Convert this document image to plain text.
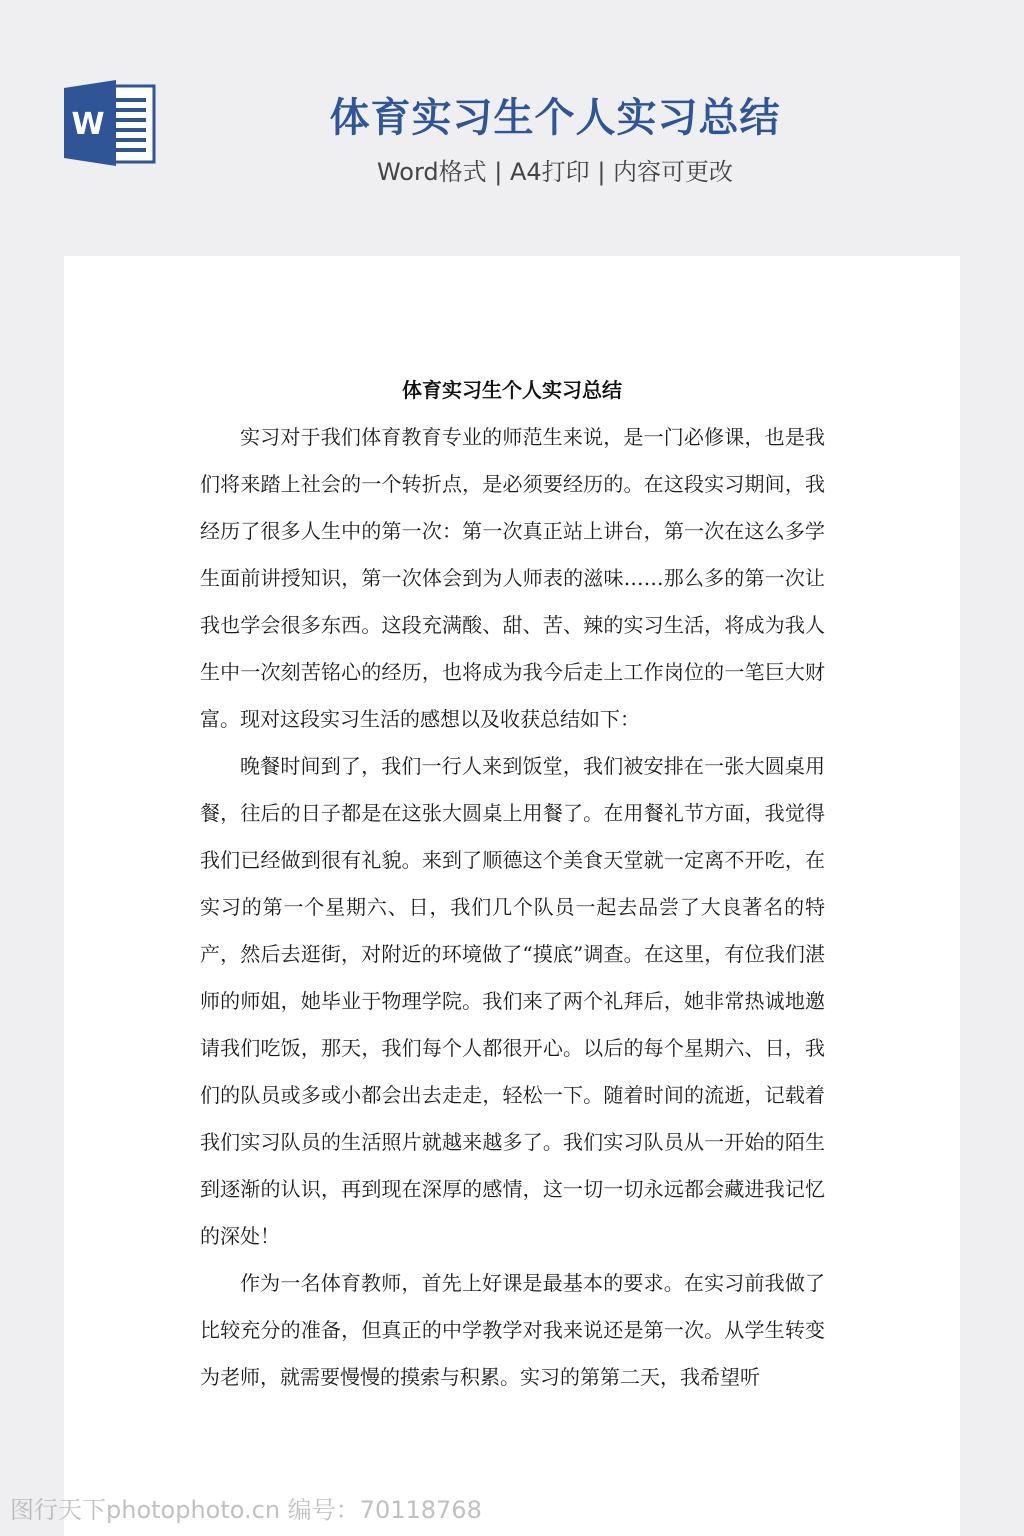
W	体育实习生个人实习总结
Word格式 | A4打印 | 内容可更改
体育实习生个人实习总结

实习对于我们体育教育专业的师范生来说，是一门必修课，也是我们将来踏上社会的一个转折点，是必须要经历的。在这段实习期间，我经历了很多人生中的第一次：第一次真正站上讲台，第一次在这么多学生面前讲授知识，第一次体会到为人师表的滋味……那么多的第一次让我也学会很多东西。这段充满酸、甜、苦、辣的实习生活，将成为我人生中一次刻苦铭心的经历，也将成为我今后走上工作岗位的一笔巨大财富。现对这段实习生活的感想以及收获总结如下：

晚餐时间到了，我们一行人来到饭堂，我们被安排在一张大圆桌用餐，往后的日子都是在这张大圆桌上用餐了。在用餐礼节方面，我觉得我们已经做到很有礼貌。来到了顺德这个美食天堂就一定离不开吃，在实习的第一个星期六、日，我们几个队员一起去品尝了大良著名的特产，然后去逛街，对附近的环境做了“摸底”调查。在这里，有位我们湛师的师姐，她毕业于物理学院。我们来了两个礼拜后，她非常热诚地邀请我们吃饭，那天，我们每个人都很开心。以后的每个星期六、日，我们的队员或多或小都会出去走走，轻松一下。随着时间的流逝，记载着我们实习队员的生活照片就越来越多了。我们实习队员从一开始的陌生到逐渐的认识，再到现在深厚的感情，这一切一切永远都会藏进我记忆的深处！

作为一名体育教师，首先上好课是最基本的要求。在实习前我做了比较充分的准备，但真正的中学教学对我来说还是第一次。从学生转变为老师，就需要慢慢的摸索与积累。实习的第第二天，我希望听

图行天下photophoto.cn 编号：70118768
